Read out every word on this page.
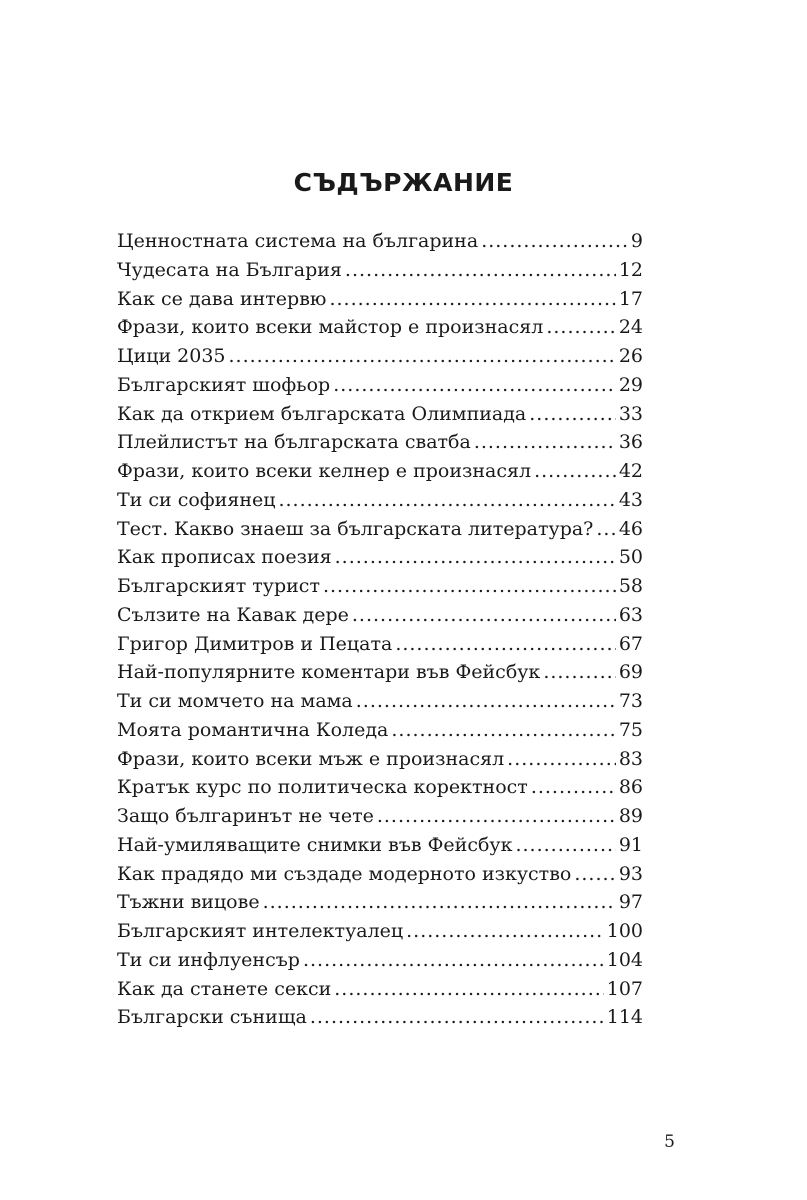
СЪДЪРЖАНИЕ
Ценностната система на българина .....	9
Чудесата на България .....	12
Как се дава интервю .....	17
Фрази, които всеки майстор е произнасял .....	24
Цици 2035 .....	26
Българският шофьор .....	29
Как да открием българската Олимпиада .....	33
Плейлистът на българската сватба .....	36
Фрази, които всеки келнер е произнасял .....	42
Ти си софиянец .....	43
Тест. Какво знаеш за българската литература? ..... 46
Как прописах поезия .....	50
Българският турист .....	58
Сълзите на Кавак дере .....	63
Григор Димитров и Пецата .....	67
Най-популярните коментари във Фейсбук .....	69
Ти си момчето на мама .....	73
Моята романтична Коледа .....	75
Фрази, които всеки мъж е произнасял .....	83
Кратък курс по политическа коректност .....	86
Защо българинът не чете .....	89
Най-умиляващите снимки във Фейсбук .....	91
Как прадядо ми създаде модерното изкуство ..... 93
Тъжни вицове .....	97
Българският интелектуалец .....	100
Ти си инфлуенсър .....	104
Как да станете секси .....	107
Български сънища .....	114
5
